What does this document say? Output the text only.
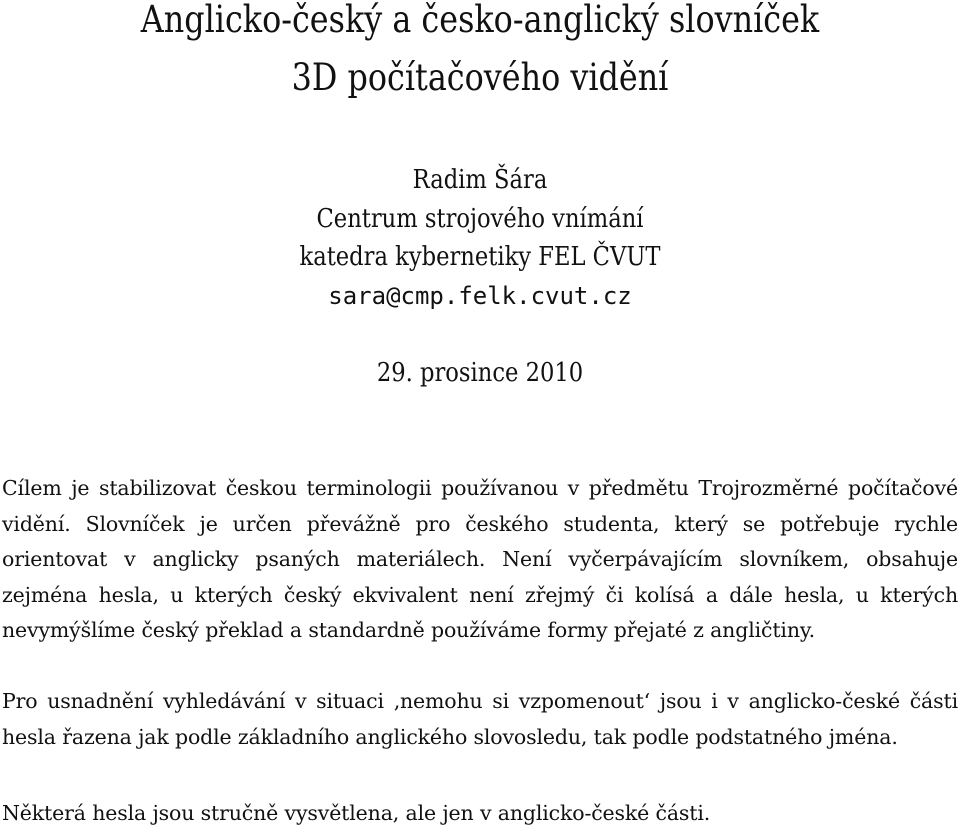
Anglicko-český a česko-anglický slovníček
3D počítačového vidění
Radim Šára
Centrum strojového vnímání
katedra kybernetiky FEL ČVUT
sara@cmp.felk.cvut.cz
29. prosince 2010

Cílem je stabilizovat českou terminologii používanou v předmětu Trojrozměrné počítačové vidění. Slovníček je určen převážně pro českého studenta, který se potřebuje rychle orientovat v anglicky psaných materiálech. Není vyčerpávajícím slovníkem, obsahuje zejména hesla, u kterých český ekvivalent není zřejmý či kolísá a dále hesla, u kterých nevymýšlíme český překlad a standardně používáme formy přejaté z angličtiny.

Pro usnadnění vyhledávání v situaci ‚nemohu si vzpomenout‘ jsou i v anglicko-české části hesla řazena jak podle základního anglického slovosledu, tak podle podstatného jména.

Některá hesla jsou stručně vysvětlena, ale jen v anglicko-české části.
